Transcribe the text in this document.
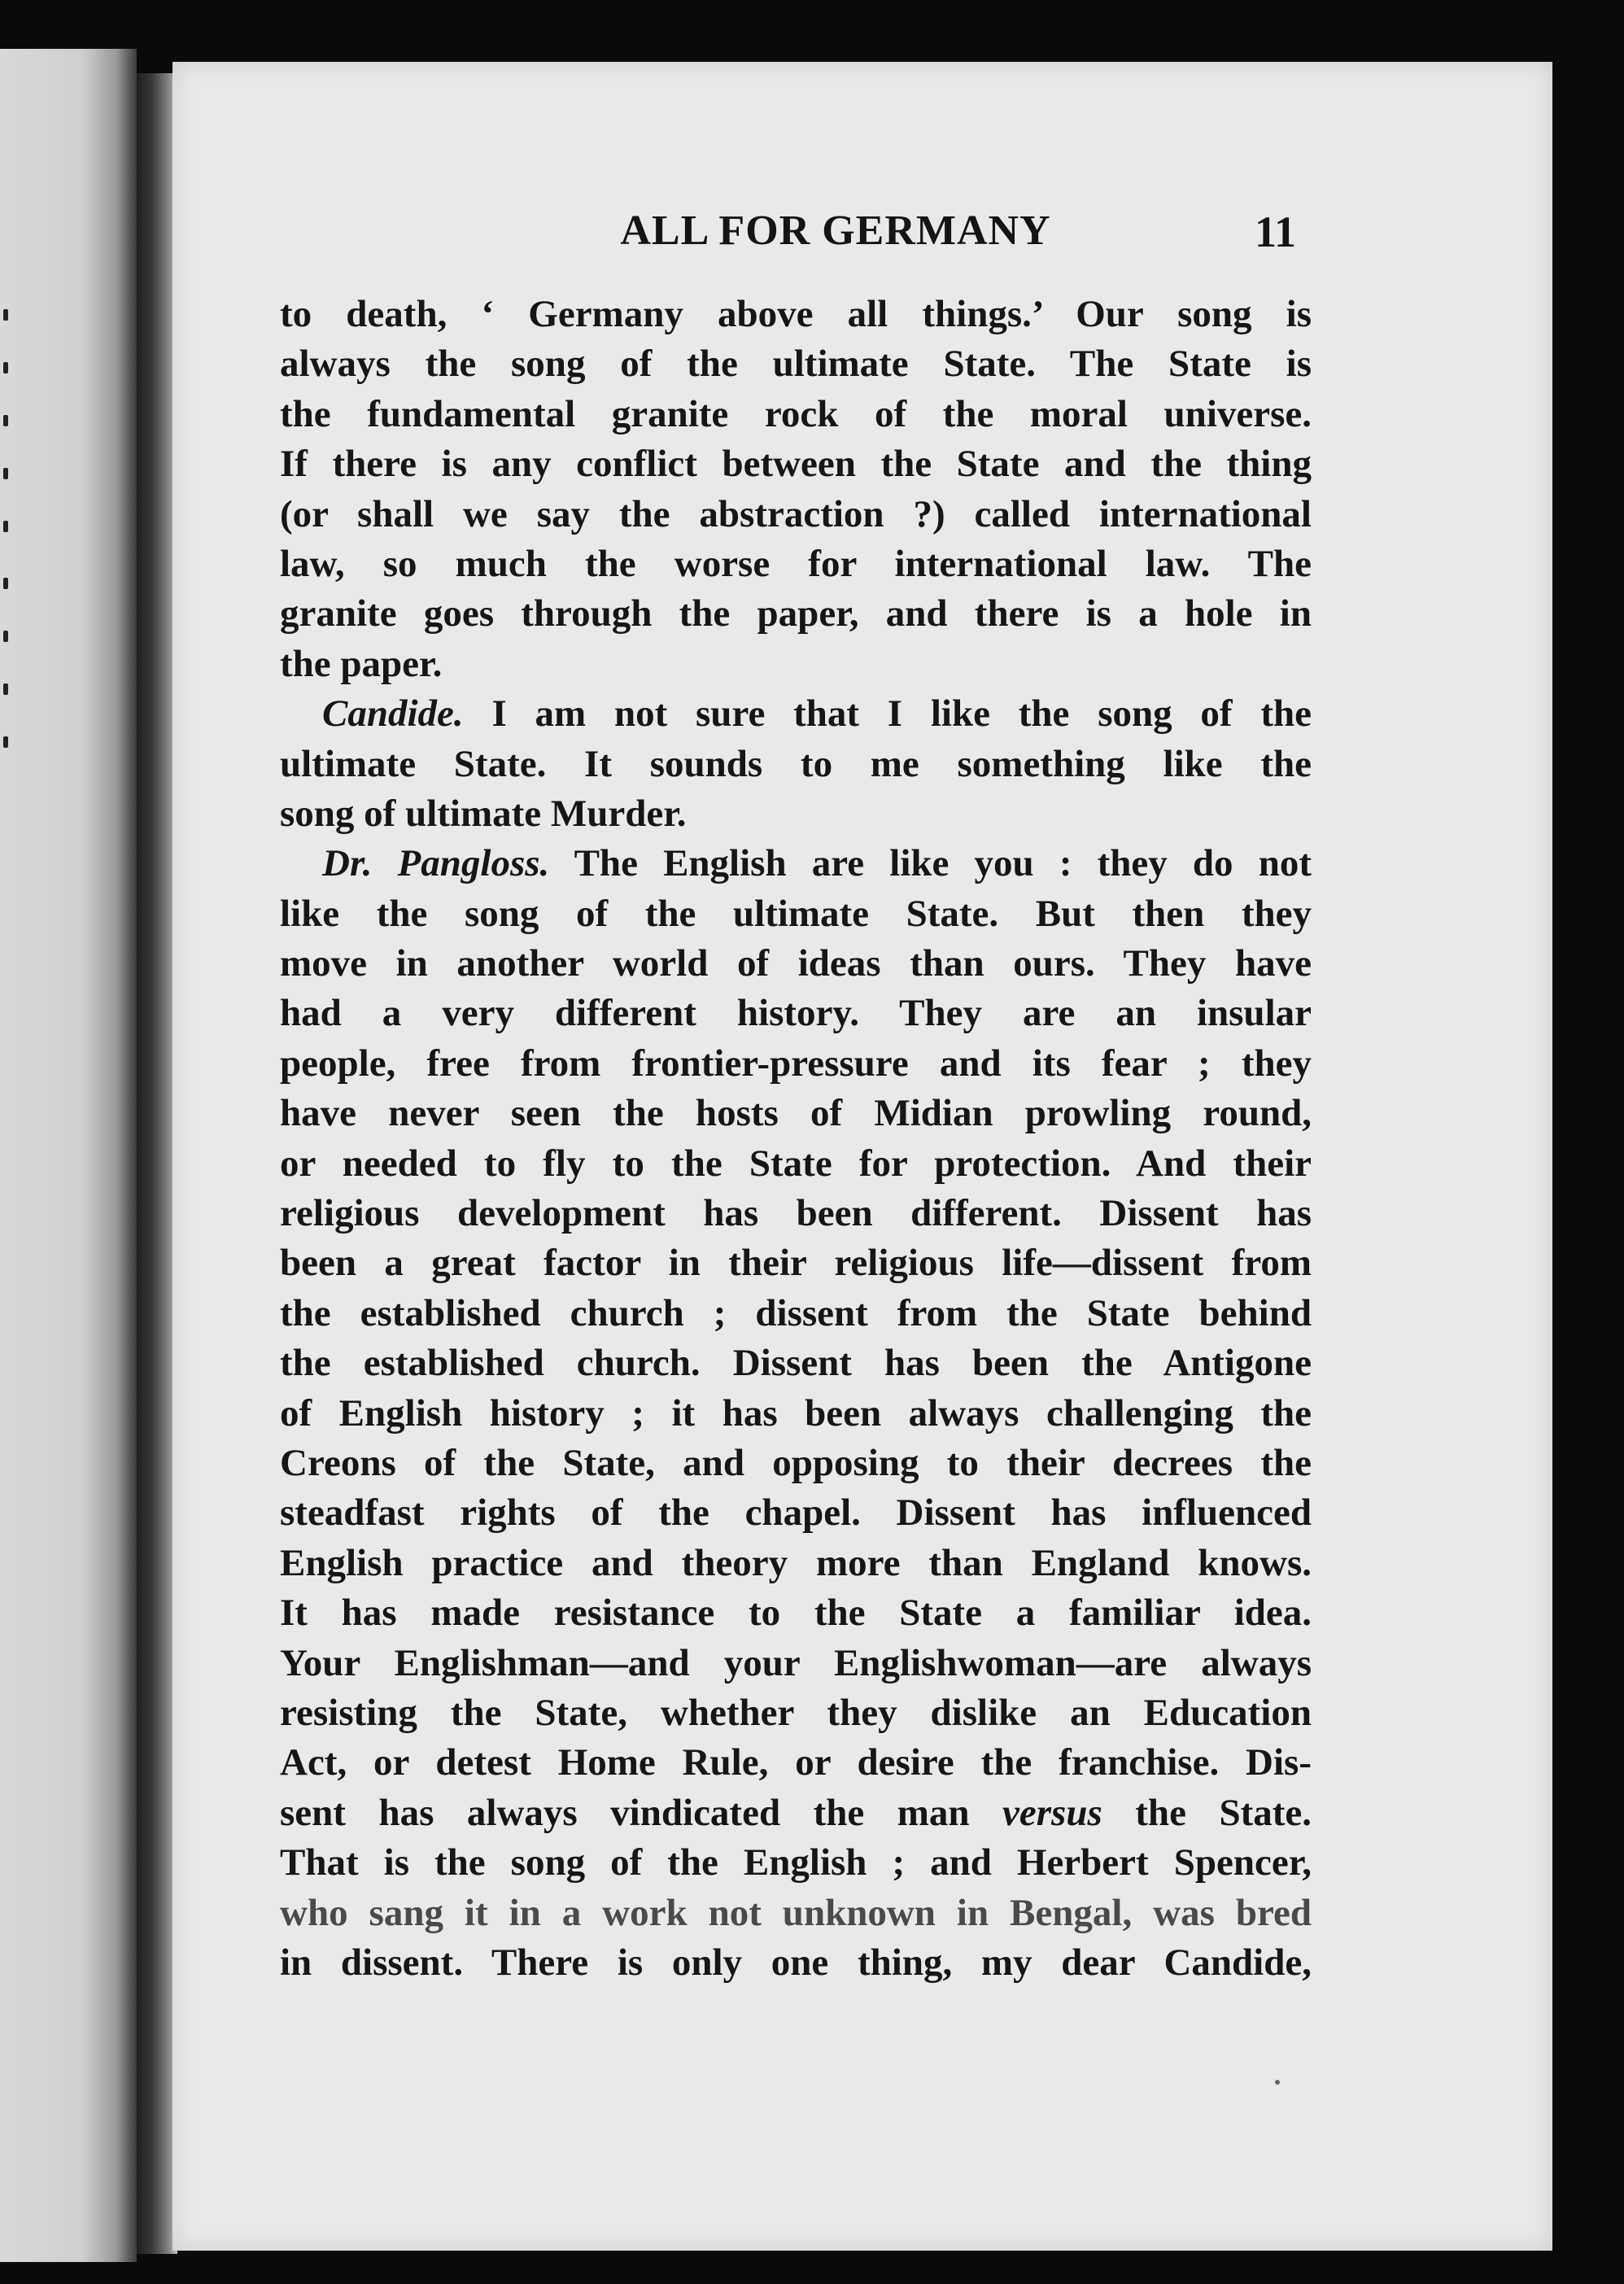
ALL FOR GERMANY	11
to death, ‘ Germany above all things.’ Our song is
always the song of the ultimate State. The State is
the fundamental granite rock of the moral universe.
If there is any conflict between the State and the thing
(or shall we say the abstraction ?) called international
law, so much the worse for international law. The
granite goes through the paper, and there is a hole in
the paper.
Candide. I am not sure that I like the song of the
ultimate State. It sounds to me something like the
song of ultimate Murder.
Dr. Pangloss. The English are like you : they do not
like the song of the ultimate State. But then they
move in another world of ideas than ours. They have
had a very different history. They are an insular
people, free from frontier-pressure and its fear ; they
have never seen the hosts of Midian prowling round,
or needed to fly to the State for protection. And their
religious development has been different. Dissent has
been a great factor in their religious life—dissent from
the established church ; dissent from the State behind
the established church. Dissent has been the Antigone
of English history ; it has been always challenging the
Creons of the State, and opposing to their decrees the
steadfast rights of the chapel. Dissent has influenced
English practice and theory more than England knows.
It has made resistance to the State a familiar idea.
Your Englishman—and your Englishwoman—are always
resisting the State, whether they dislike an Education
Act, or detest Home Rule, or desire the franchise. Dis-
sent has always vindicated the man versus the State.
That is the song of the English ; and Herbert Spencer,
who sang it in a work not unknown in Bengal, was bred
in dissent. There is only one thing, my dear Candide,
